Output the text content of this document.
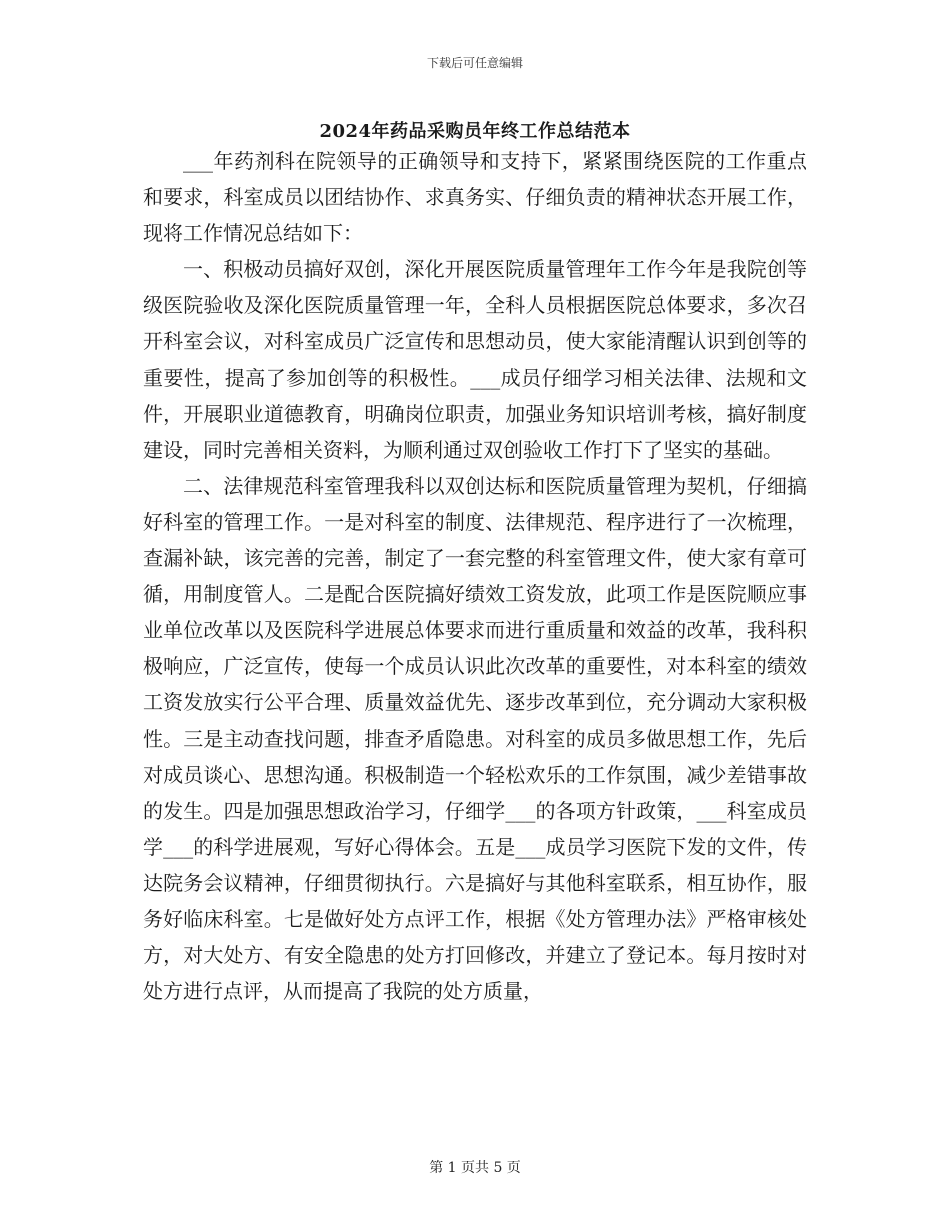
下载后可任意编辑
2024年药品采购员年终工作总结范本

___年药剂科在院领导的正确领导和支持下，紧紧围绕医院的工作重点和要求，科室成员以团结协作、求真务实、仔细负责的精神状态开展工作，现将工作情况总结如下：

一、积极动员搞好双创，深化开展医院质量管理年工作今年是我院创等级医院验收及深化医院质量管理一年，全科人员根据医院总体要求，多次召开科室会议，对科室成员广泛宣传和思想动员，使大家能清醒认识到创等的重要性，提高了参加创等的积极性。___成员仔细学习相关法律、法规和文件，开展职业道德教育，明确岗位职责，加强业务知识培训考核，搞好制度建设，同时完善相关资料，为顺利通过双创验收工作打下了坚实的基础。

二、法律规范科室管理我科以双创达标和医院质量管理为契机，仔细搞好科室的管理工作。一是对科室的制度、法律规范、程序进行了一次梳理，查漏补缺，该完善的完善，制定了一套完整的科室管理文件，使大家有章可循，用制度管人。二是配合医院搞好绩效工资发放，此项工作是医院顺应事业单位改革以及医院科学进展总体要求而进行重质量和效益的改革，我科积极响应，广泛宣传，使每一个成员认识此次改革的重要性，对本科室的绩效工资发放实行公平合理、质量效益优先、逐步改革到位，充分调动大家积极性。三是主动查找问题，排查矛盾隐患。对科室的成员多做思想工作，先后对成员谈心、思想沟通。积极制造一个轻松欢乐的工作氛围，减少差错事故的发生。四是加强思想政治学习，仔细学___的各项方针政策，___科室成员学___的科学进展观，写好心得体会。五是___成员学习医院下发的文件，传达院务会议精神，仔细贯彻执行。六是搞好与其他科室联系，相互协作，服务好临床科室。七是做好处方点评工作，根据《处方管理办法》严格审核处方，对大处方、有安全隐患的处方打回修改，并建立了登记本。每月按时对处方进行点评，从而提高了我院的处方质量，

第 1 页共 5 页
